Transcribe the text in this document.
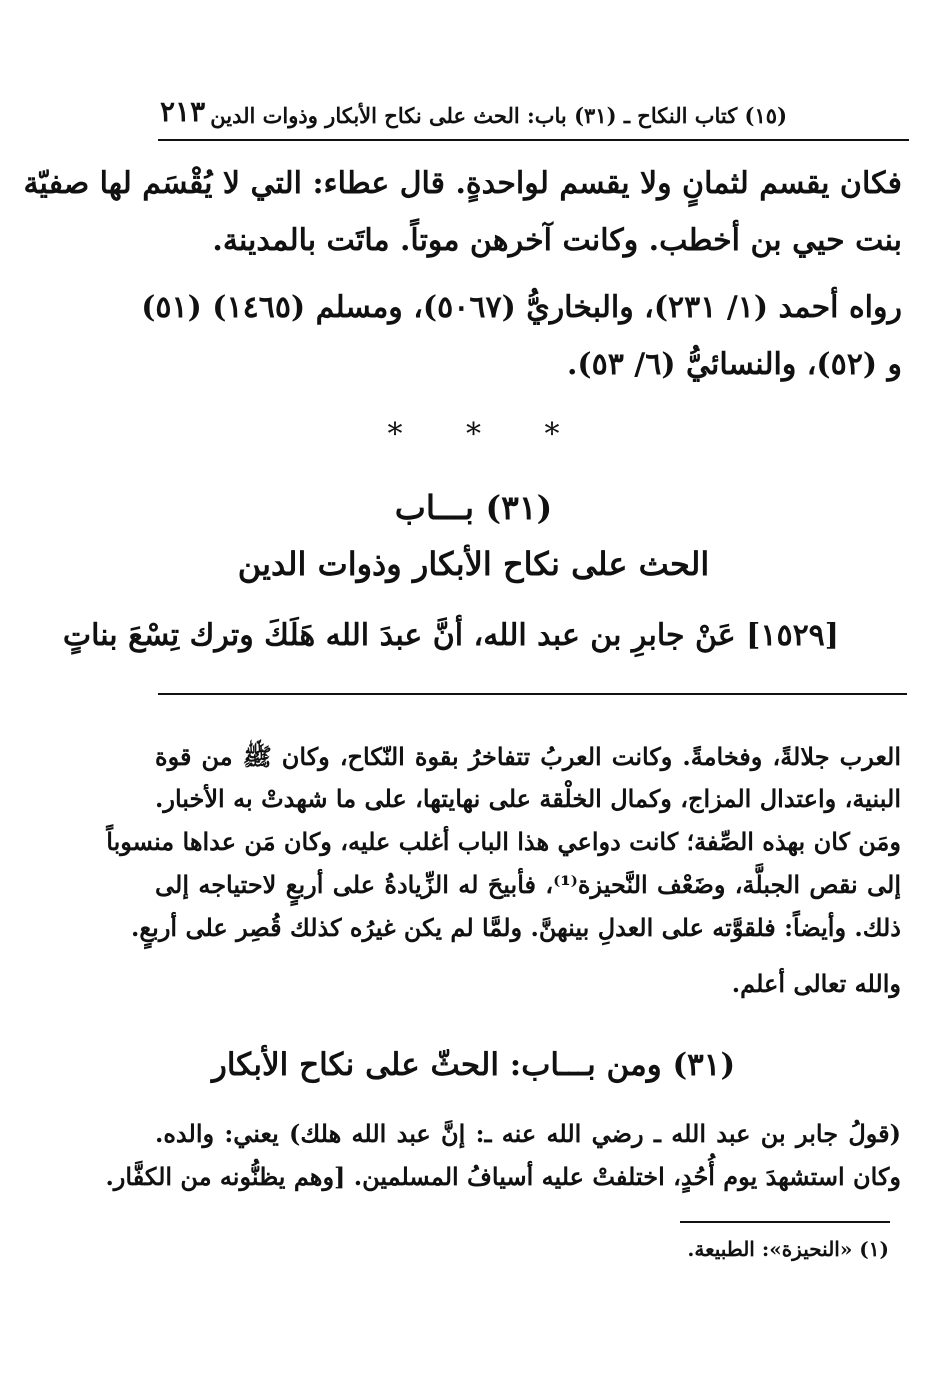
(١٥) كتاب النكاح ـ (٣١) باب: الحث على نكاح الأبكار وذوات الدين
٢١٣
فكان يقسم لثمانٍ ولا يقسم لواحدةٍ. قال عطاء: التي لا يُقْسَم لها صفيّة
بنت حيي بن أخطب. وكانت آخرهن موتاً. ماتَت بالمدينة.
رواه أحمد (١/ ٢٣١)، والبخاريُّ (٥٠٦٧)، ومسلم (١٤٦٥) (٥١)
و (٥٢)، والنسائيُّ (٦/ ٥٣).
* * *
(٣١) بـــاب
الحث على نكاح الأبكار وذوات الدين
[١٥٢٩] عَنْ جابرِ بن عبد الله، أنَّ عبدَ الله هَلَكَ وترك تِسْعَ بناتٍ
العرب جلالةً، وفخامةً. وكانت العربُ تتفاخرُ بقوة النّكاح، وكان ﷺ من قوة
البنية، واعتدال المزاج، وكمال الخلْقة على نهايتها، على ما شهدتْ به الأخبار.
ومَن كان بهذه الصِّفة؛ كانت دواعي هذا الباب أغلب عليه، وكان مَن عداها منسوباً
إلى نقص الجبلَّة، وضَعْف النَّحيزة⁽¹⁾، فأبيحَ له الزِّيادةُ على أربعٍ لاحتياجه إلى
ذلك. وأيضاً: فلقوَّته على العدلِ بينهنَّ. ولمَّا لم يكن غيرُه كذلك قُصِر على أربعٍ.
والله تعالى أعلم.
(٣١) ومن بـــاب: الحثّ على نكاح الأبكار
(قولُ جابر بن عبد الله ـ رضي الله عنه ـ: إنَّ عبد الله هلك) يعني: والده.
وكان استشهدَ يوم أُحُدٍ، اختلفتْ عليه أسيافُ المسلمين. [وهم يظنُّونه من الكفَّار.
(١) «النحيزة»: الطبيعة.
